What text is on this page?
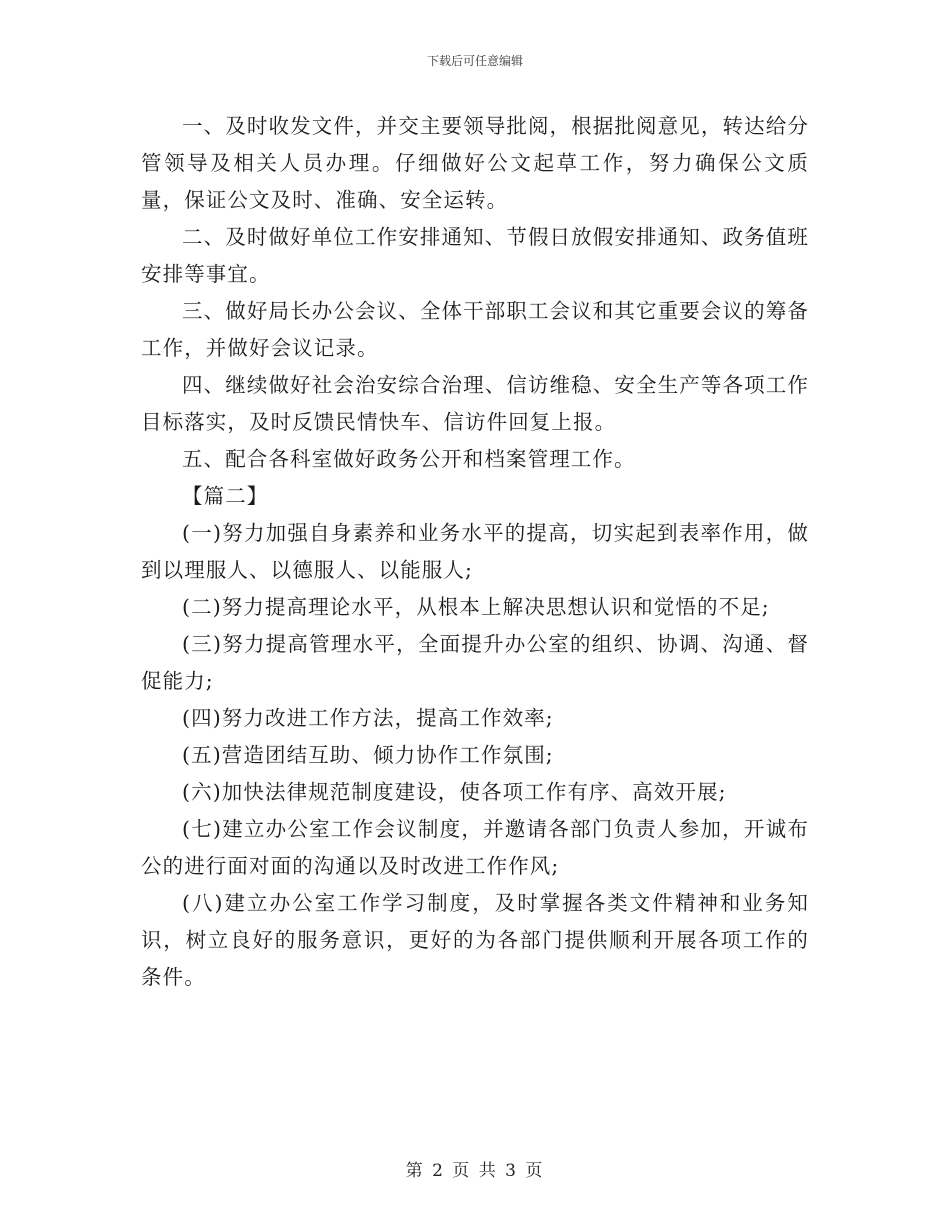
下载后可任意编辑

一、及时收发文件，并交主要领导批阅，根据批阅意见，转达给分管领导及相关人员办理。仔细做好公文起草工作，努力确保公文质量，保证公文及时、准确、安全运转。

二、及时做好单位工作安排通知、节假日放假安排通知、政务值班安排等事宜。

三、做好局长办公会议、全体干部职工会议和其它重要会议的筹备工作，并做好会议记录。

四、继续做好社会治安综合治理、信访维稳、安全生产等各项工作目标落实，及时反馈民情快车、信访件回复上报。

五、配合各科室做好政务公开和档案管理工作。

【篇二】

(一)努力加强自身素养和业务水平的提高，切实起到表率作用，做到以理服人、以德服人、以能服人;

(二)努力提高理论水平，从根本上解决思想认识和觉悟的不足;

(三)努力提高管理水平，全面提升办公室的组织、协调、沟通、督促能力;

(四)努力改进工作方法，提高工作效率;

(五)营造团结互助、倾力协作工作氛围;

(六)加快法律规范制度建设，使各项工作有序、高效开展;

(七)建立办公室工作会议制度，并邀请各部门负责人参加，开诚布公的进行面对面的沟通以及时改进工作作风;

(八)建立办公室工作学习制度，及时掌握各类文件精神和业务知识，树立良好的服务意识，更好的为各部门提供顺利开展各项工作的条件。

第 2 页 共 3 页
